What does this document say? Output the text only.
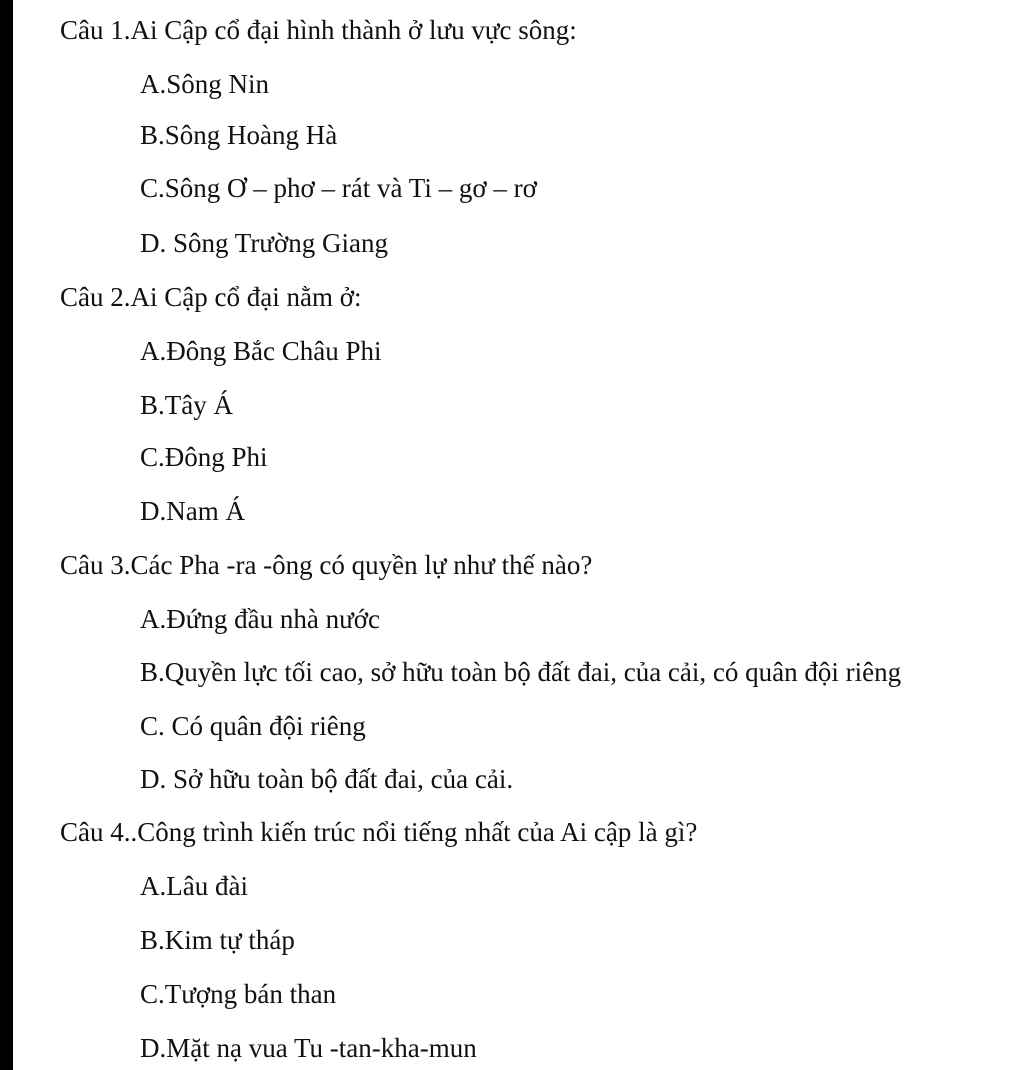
Câu 1.Ai Cập cổ đại hình thành ở lưu vực sông:
A.Sông Nin
B.Sông Hoàng Hà
C.Sông Ơ – phơ – rát và Ti – gơ – rơ
D. Sông Trường Giang
Câu 2.Ai Cập cổ đại nằm ở:
A.Đông Bắc Châu Phi
B.Tây Á
C.Đông Phi
D.Nam Á
Câu 3.Các Pha -ra -ông có quyền lự như thế nào?
A.Đứng đầu nhà nước
B.Quyền lực tối cao, sở hữu toàn bộ đất đai, của cải, có quân đội riêng
C. Có quân đội riêng
D. Sở hữu toàn bộ đất đai, của cải.
Câu 4..Công trình kiến trúc nổi tiếng nhất của Ai cập là gì?
A.Lâu đài
B.Kim tự tháp
C.Tượng bán than
D.Mặt nạ vua Tu -tan-kha-mun
